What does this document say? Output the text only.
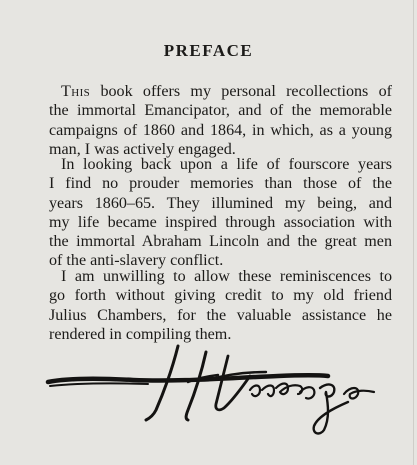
PREFACE
This book offers my personal recollections of
the immortal Emancipator, and of the memorable
campaigns of 1860 and 1864, in which, as a young
man, I was actively engaged.
In looking back upon a life of fourscore years
I find no prouder memories than those of the
years 1860–65. They illumined my being, and
my life became inspired through association with
the immortal Abraham Lincoln and the great men
of the anti-slavery conflict.
I am unwilling to allow these reminiscences to
go forth without giving credit to my old friend
Julius Chambers, for the valuable assistance he
rendered in compiling them.
